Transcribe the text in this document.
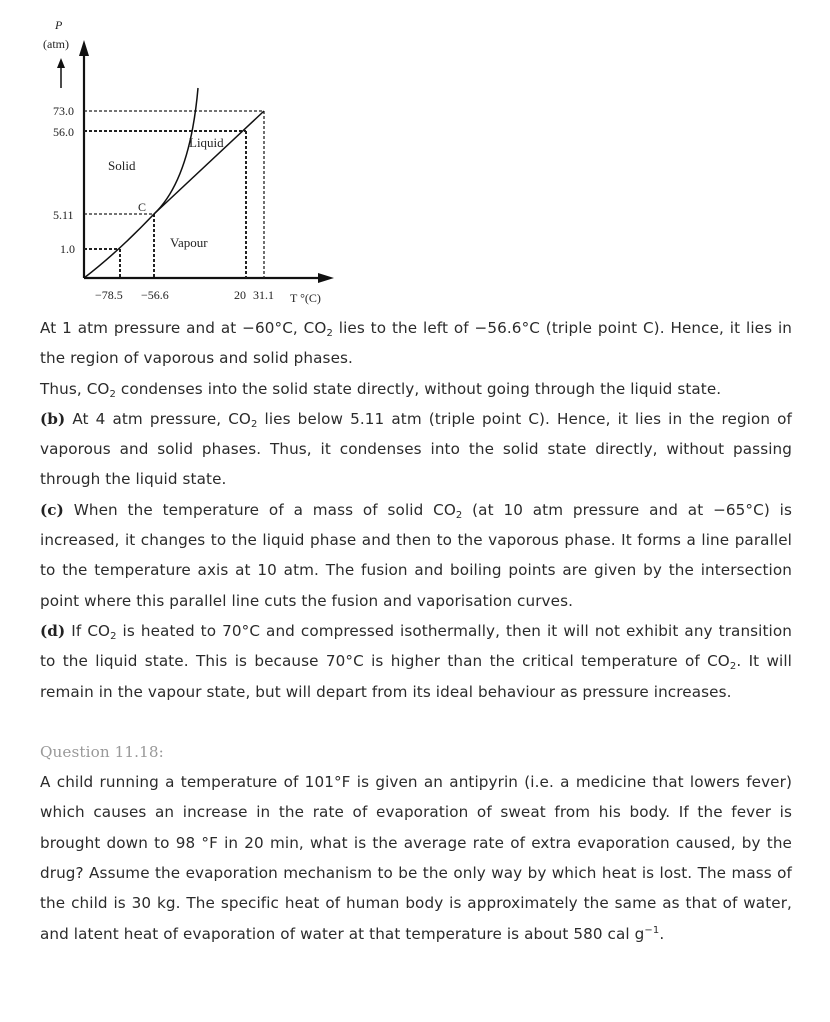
P
(atm)
73.0
56.0
5.11
1.0
−78.5 −56.6	20 31.1 T °(C)
Solid
Liquid
Vapour
C

At 1 atm pressure and at −60°C, $CO_2$ lies to the left of −56.6°C (triple point C). Hence, it lies in the region of vaporous and solid phases.

Thus, $CO_2$ condenses into the solid state directly, without going through the liquid state.

(b) At 4 atm pressure, $CO_2$ lies below 5.11 atm (triple point C). Hence, it lies in the region of vaporous and solid phases. Thus, it condenses into the solid state directly, without passing through the liquid state.

(c) When the temperature of a mass of solid $CO_2$ (at 10 atm pressure and at −65°C) is increased, it changes to the liquid phase and then to the vaporous phase. It forms a line parallel to the temperature axis at 10 atm. The fusion and boiling points are given by the intersection point where this parallel line cuts the fusion and vaporisation curves.

(d) If $CO_2$ is heated to 70°C and compressed isothermally, then it will not exhibit any transition to the liquid state. This is because 70°C is higher than the critical temperature of $CO_2$. It will remain in the vapour state, but will depart from its ideal behaviour as pressure increases.

Question 11.18:

A child running a temperature of 101°F is given an antipyrin (i.e. a medicine that lowers fever) which causes an increase in the rate of evaporation of sweat from his body. If the fever is brought down to 98 °F in 20 min, what is the average rate of extra evaporation caused, by the drug? Assume the evaporation mechanism to be the only way by which heat is lost. The mass of the child is 30 kg. The specific heat of human body is approximately the same as that of water, and latent heat of evaporation of water at that temperature is about 580 cal $g^{-1}$.
